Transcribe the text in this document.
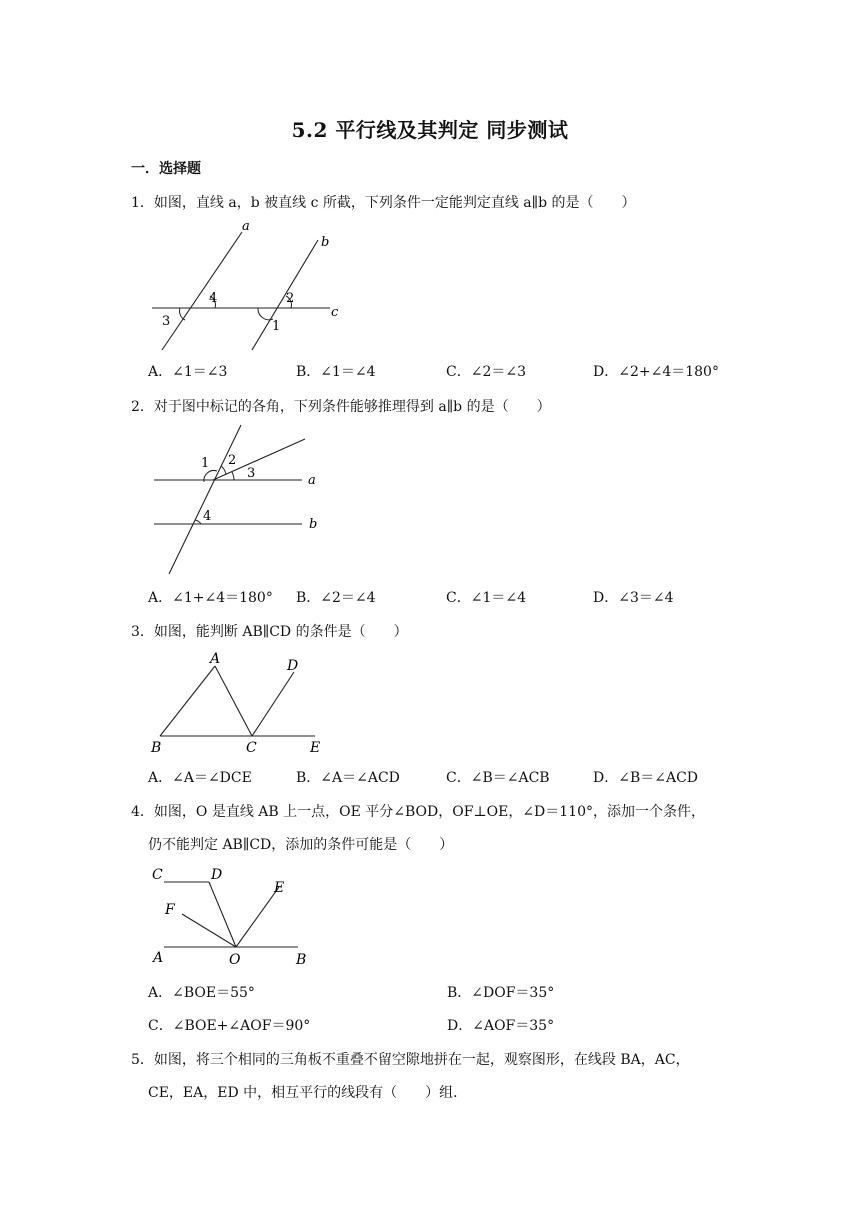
5.2 平行线及其判定 同步测试
一．选择题
1．如图，直线 a，b 被直线 c 所截，下列条件一定能判定直线 a∥b 的是（　　）
a
b
c
4
3
2
1
A．∠1＝∠3	B．∠1＝∠4	C．∠2＝∠3	D．∠2+∠4＝180°
2．对于图中标记的各角，下列条件能够推理得到 a∥b 的是（　　）
1 2
3
4
a
b
A．∠1+∠4＝180° B．∠2＝∠4	C．∠1＝∠4	D．∠3＝∠4
3．如图，能判断 AB∥CD 的条件是（　　）
A
B	C
D
E
A．∠A＝∠DCE	B．∠A＝∠ACD	C．∠B＝∠ACB	D．∠B＝∠ACD
4．如图，O 是直线 AB 上一点，OE 平分∠BOD，OF⊥OE，∠D＝110°，添加一个条件，
仍不能判定 AB∥CD，添加的条件可能是（　　）
C	D
E
F
A	O	B
A．∠BOE＝55°	B．∠DOF＝35°
C．∠BOE+∠AOF＝90°	D．∠AOF＝35°
5．如图，将三个相同的三角板不重叠不留空隙地拼在一起，观察图形，在线段 BA，AC，
CE，EA，ED 中，相互平行的线段有（　　）组．
